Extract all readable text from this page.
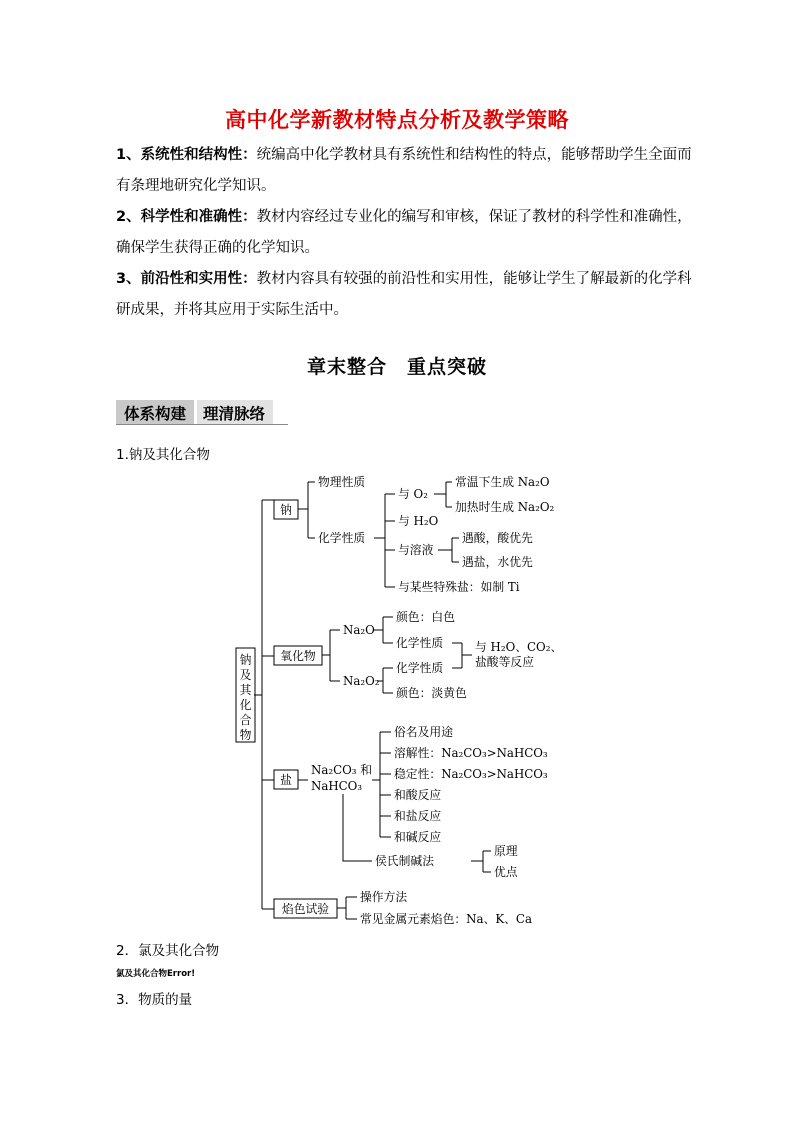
高中化学新教材特点分析及教学策略
1、系统性和结构性：统编高中化学教材具有系统性和结构性的特点，能够帮助学生全面而有条理地研究化学知识。
2、科学性和准确性：教材内容经过专业化的编写和审核，保证了教材的科学性和准确性，确保学生获得正确的化学知识。
3、前沿性和实用性：教材内容具有较强的前沿性和实用性，能够让学生了解最新的化学科研成果，并将其应用于实际生活中。
章末整合　重点突破
体系构建	理清脉络
1.钠及其化合物
钠
及
其
化
合
物
钠
物理性质
化学性质
与 O₂
常温下生成 Na₂O
加热时生成 Na₂O₂
与 H₂O
与溶液
遇酸，酸优先
遇盐，水优先
与某些特殊盐：如制 Ti
氧化物
Na₂O
颜色：白色
化学性质
Na₂O₂
化学性质
颜色：淡黄色
与 H₂O、CO₂、
盐酸等反应
盐
Na₂CO₃ 和
NaHCO₃
俗名及用途
溶解性：Na₂CO₃>NaHCO₃
稳定性：Na₂CO₃>NaHCO₃
和酸反应
和盐反应
和碱反应
侯氏制碱法
原理
优点
焰色试验
操作方法
常见金属元素焰色：Na、K、Ca
2．氯及其化合物
氯及其化合物Error!
3．物质的量
